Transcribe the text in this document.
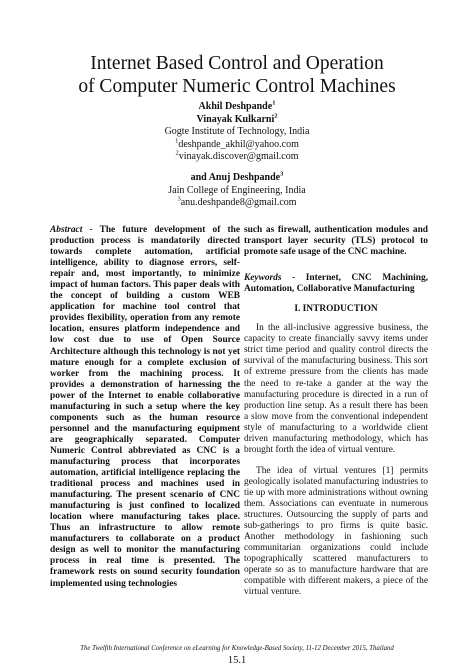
Internet Based Control and Operation
of Computer Numeric Control Machines
Akhil Deshpande$^1$
Vinayak Kulkarni$^2$
Gogte Institute of Technology, India
$^1$deshpande_akhil@yahoo.com
$^2$vinayak.discover@gmail.com
and Anuj Deshpande$^3$
Jain College of Engineering, India
$^3$anu.deshpande8@gmail.com

Abstract - The future development of the production process is mandatorily directed towards complete automation, artificial intelligence, ability to diagnose errors, self-repair and, most importantly, to minimize impact of human factors. This paper deals with the concept of building a custom WEB application for machine tool control that provides flexibility, operation from any remote location, ensures platform independence and low cost due to use of Open Source Architecture although this technology is not yet mature enough for a complete exclusion of worker from the machining process. It provides a demonstration of harnessing the power of the Internet to enable collaborative manufacturing in such a setup where the key components such as the human resource personnel and the manufacturing equipment are geographically separated. Computer Numeric Control abbreviated as CNC is a manufacturing process that incorporates automation, artificial intelligence replacing the traditional process and machines used in manufacturing. The present scenario of CNC manufacturing is just confined to localized location where manufacturing takes place. Thus an infrastructure to allow remote manufacturers to collaborate on a product design as well to monitor the manufacturing process in real time is presented. The framework rests on sound security foundation implemented using technologies

such as firewall, authentication modules and transport layer security (TLS) protocol to promote safe usage of the CNC machine.

Keywords - Internet, CNC Machining, Automation, Collaborative Manufacturing

I. INTRODUCTION

In the all-inclusive aggressive business, the capacity to create financially savvy items under strict time period and quality control directs the survival of the manufacturing business. This sort of extreme pressure from the clients has made the need to re-take a gander at the way the manufacturing procedure is directed in a run of production line setup. As a result there has been a slow move from the conventional independent style of manufacturing to a worldwide client driven manufacturing methodology, which has brought forth the idea of virtual venture.

The idea of virtual ventures [1] permits geologically isolated manufacturing industries to tie up with more administrations without owning them. Associations can eventuate in numerous structures. Outsourcing the supply of parts and sub-gatherings to pro firms is quite basic. Another methodology in fashioning such communitarian organizations could include topographically scattered manufacturers to operate so as to manufacture hardware that are compatible with different makers, a piece of the virtual venture.

The Twelfth International Conference on eLearning for Knowledge-Based Society, 11-12 December 2015, Thailand
15.1
